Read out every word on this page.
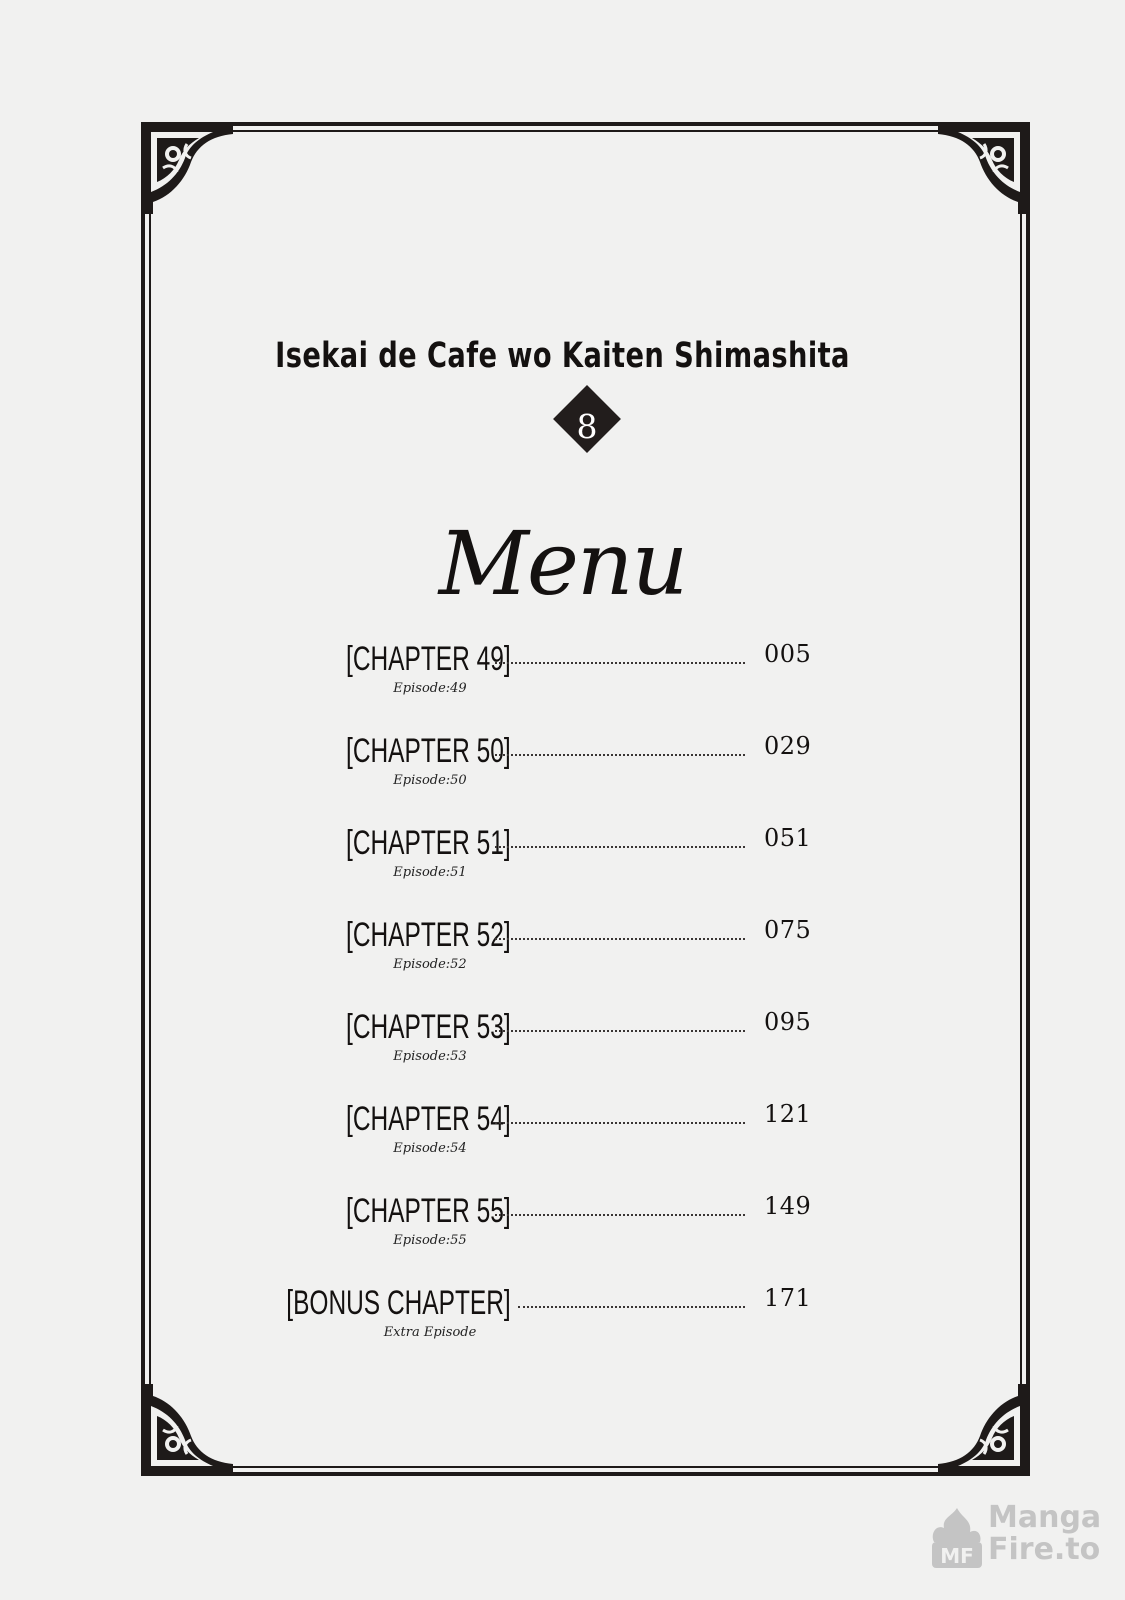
Isekai de Cafe wo Kaiten Shimashita
8
Menu
[CHAPTER 49]
Episode:49
005
[CHAPTER 50]
Episode:50
029
[CHAPTER 51]
Episode:51
051
[CHAPTER 52]
Episode:52
075
[CHAPTER 53]
Episode:53
095
[CHAPTER 54]
Episode:54
121
[CHAPTER 55]
Episode:55
149
[BONUS CHAPTER]
Extra Episode
171
MF
Manga
Fire.to
